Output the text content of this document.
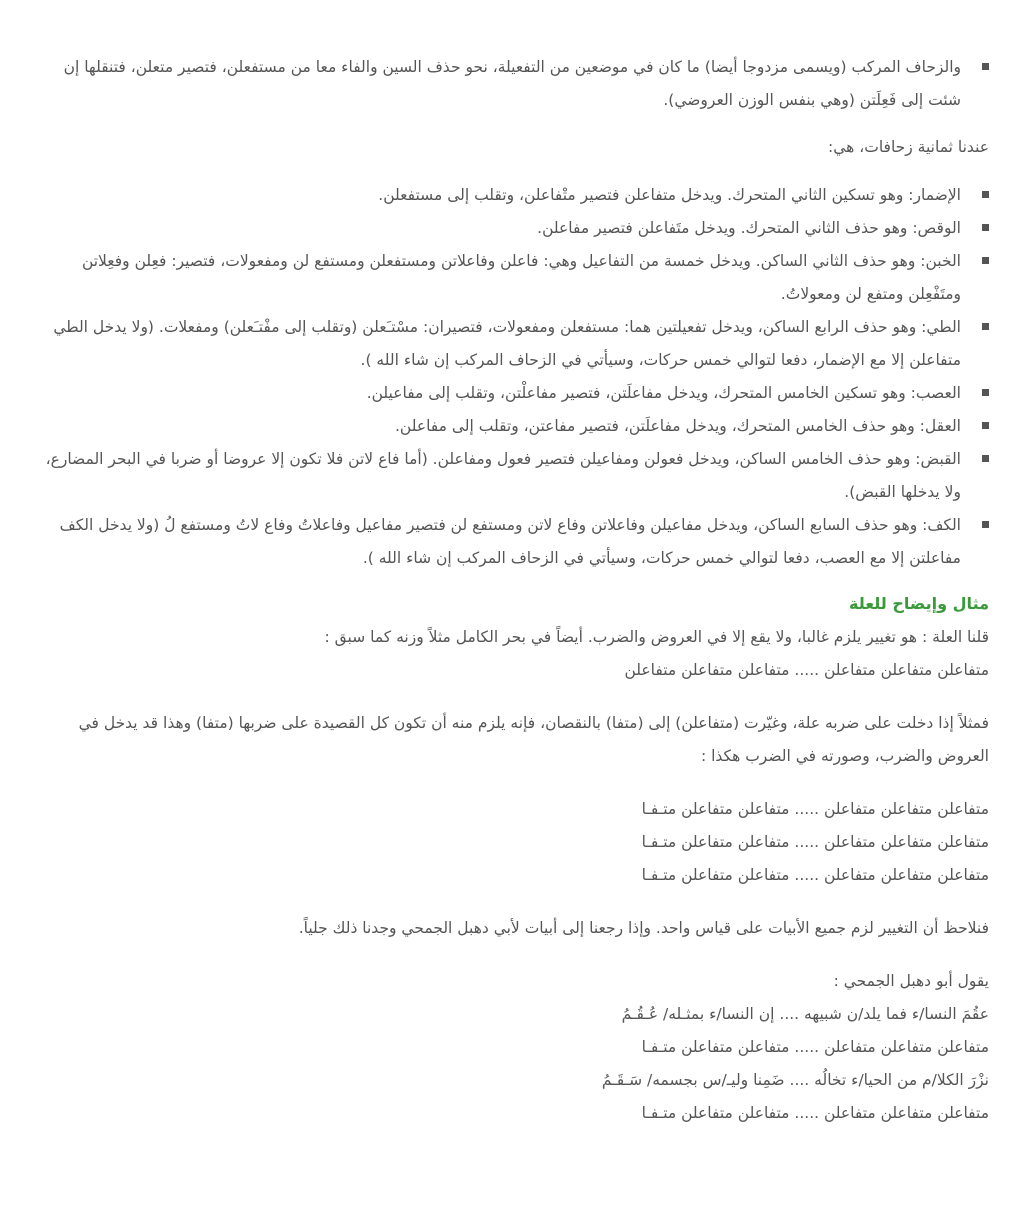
والزحاف المركب (ويسمى مزدوجا أيضا) ما كان في موضعين من التفعيلة، نحو حذف السين والفاء معا من مستفعلن، فتصير متعلن، فتنقلها إن شئت إلى فَعِلَتن (وهي بنفس الوزن العروضي).

عندنا ثمانية زحافات، هي:

الإضمار: وهو تسكين الثاني المتحرك. ويدخل متفاعلن فتصير متْفاعلن، وتقلب إلى مستفعلن.
الوقص: وهو حذف الثاني المتحرك. ويدخل متَفاعلن فتصير مفاعلن.
الخبن: وهو حذف الثاني الساكن. ويدخل خمسة من التفاعيل وهي: فاعلن وفاعلاتن ومستفعلن ومستفع لن ومفعولات، فتصير: فعِلن وفعِلاتن ومتَفْعِلن ومتفع لن ومعولاتُ.
الطي: وهو حذف الرابع الساكن، ويدخل تفعيلتين هما: مستفعلن ومفعولات، فتصيران: مسْتـَعلن (وتقلب إلى مفْتـَعلن) ومفعلات. (ولا يدخل الطي متفاعلن إلا مع الإضمار، دفعا لتوالي خمس حركات، وسيأتي في الزحاف المركب إن شاء الله ).
العصب: وهو تسكين الخامس المتحرك، ويدخل مفاعلَتن، فتصير مفاعلْتن، وتقلب إلى مفاعيلن.
العقل: وهو حذف الخامس المتحرك، ويدخل مفاعلَتن، فتصير مفاعتن، وتقلب إلى مفاعلن.
القبض: وهو حذف الخامس الساكن، ويدخل فعولن ومفاعيلن فتصير فعول ومفاعلن. (أما فاع لاتن فلا تكون إلا عروضا أو ضربا في البحر المضارع، ولا يدخلها القبض).
الكف: وهو حذف السابع الساكن، ويدخل مفاعيلن وفاعلاتن وفاع لاتن ومستفع لن فتصير مفاعيل وفاعلاتُ وفاع لاتُ ومستفع لُ (ولا يدخل الكف مفاعلتن إلا مع العصب، دفعا لتوالي خمس حركات، وسيأتي في الزحاف المركب إن شاء الله ).
مثال وإيضاح للعلة

قلنا العلة : هو تغيير يلزم غالبا، ولا يقع إلا في العروض والضرب. أيضاً في بحر الكامل مثلاً وزنه كما سبق :

متفاعلن متفاعلن متفاعلن ..... متفاعلن متفاعلن متفاعلن

فمثلاً إذا دخلت على ضربه علة، وغيّرت (متفاعلن) إلى (متفا) بالنقصان، فإنه يلزم منه أن تكون كل القصيدة على ضربها (متفا) وهذا قد يدخل في العروض والضرب، وصورته في الضرب هكذا :

متفاعلن متفاعلن متفاعلن ..... متفاعلن متفاعلن متـفـا

متفاعلن متفاعلن متفاعلن ..... متفاعلن متفاعلن متـفـا

متفاعلن متفاعلن متفاعلن ..... متفاعلن متفاعلن متـفـا

فنلاحظ أن التغيير لزم جميع الأبيات على قياس واحد. وإذا رجعنا إلى أبيات لأبي دهبل الجمحي وجدنا ذلك جلياً.

يقول أبو دهبل الجمحي :

عقُمَ النسا/ء فما يلد/ن شبيهه .... إن النسا/ء بمثـله/ عُـقُـمُ

متفاعلن متفاعلن متفاعلن ..... متفاعلن متفاعلن متـفـا

نزْرَ الكلا/م من الحيا/ء تخالُه .... ضَمِنا وليـ/س بجسمه/ سَـقَـمُ

متفاعلن متفاعلن متفاعلن ..... متفاعلن متفاعلن متـفـا
